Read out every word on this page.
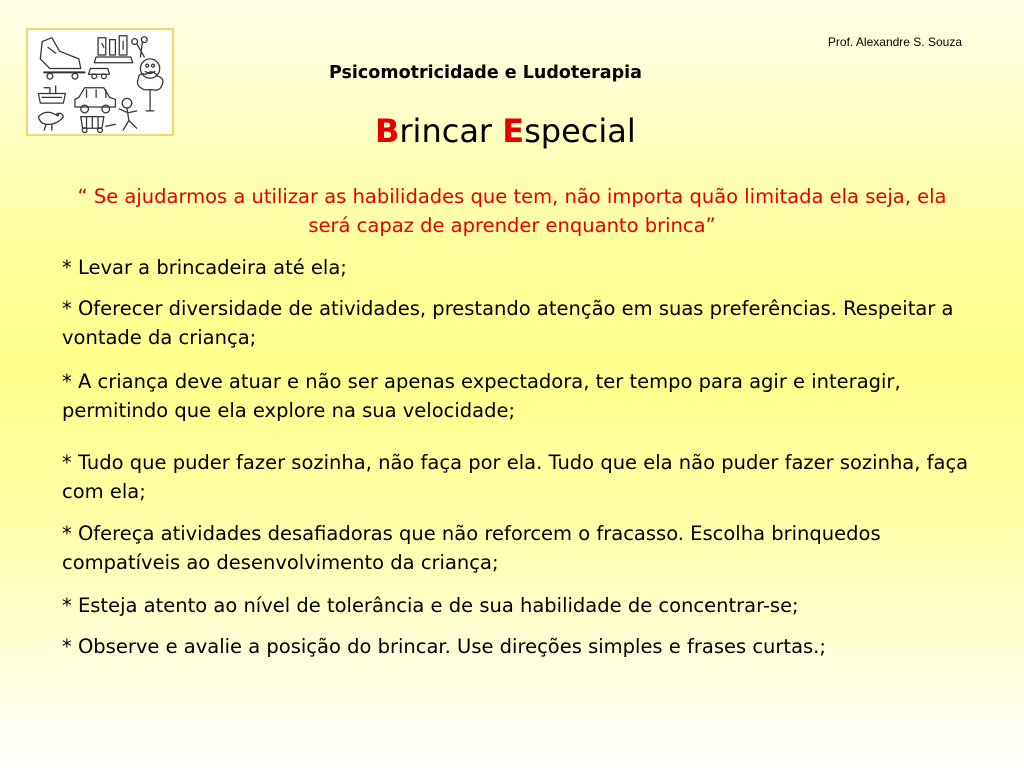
Prof. Alexandre S. Souza
Psicomotricidade e Ludoterapia
Brincar Especial
“ Se ajudarmos a utilizar as habilidades que tem, não importa quão limitada ela seja, ela será capaz de aprender enquanto brinca”
* Levar a brincadeira até ela;
* Oferecer diversidade de atividades, prestando atenção em suas preferências. Respeitar a vontade da criança;
* A criança deve atuar e não ser apenas expectadora, ter tempo para agir e interagir, permitindo que ela explore na sua velocidade;
* Tudo que puder fazer sozinha, não faça por ela. Tudo que ela não puder fazer sozinha, faça com ela;
* Ofereça atividades desafiadoras que não reforcem o fracasso. Escolha brinquedos compatíveis ao desenvolvimento da criança;
* Esteja atento ao nível de tolerância e de sua habilidade de concentrar-se;
* Observe e avalie a posição do brincar. Use direções simples e frases curtas.;
